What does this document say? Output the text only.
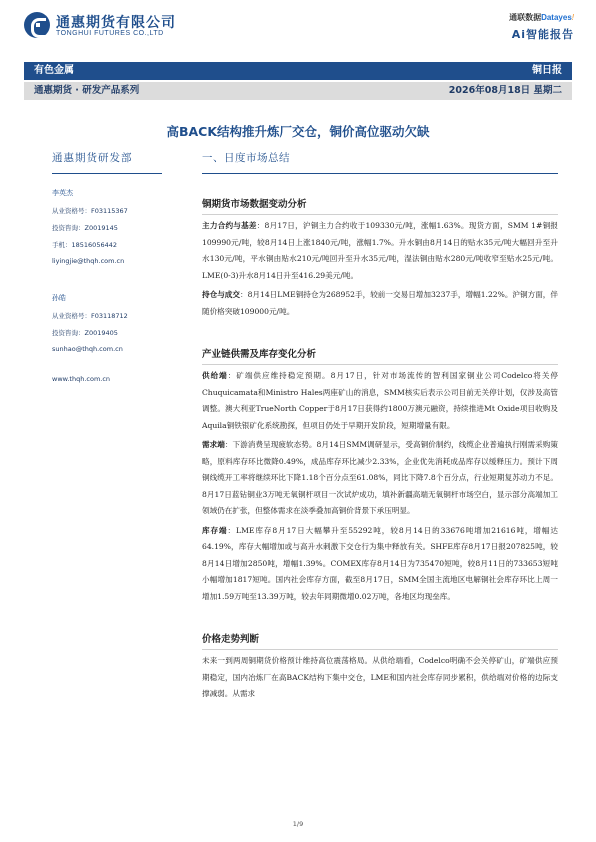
通惠期货有限公司
TONGHUI FUTURES CO.,LTD
通联数据Datayes!
Ai智能报告
有色金属	铜日报
通惠期货 · 研发产品系列	2026年08月18日 星期二
高BACK结构推升炼厂交仓，铜价高位驱动欠缺
通惠期货研发部
李英杰
从业资格号：F03115367
投资咨询：Z0019145
手机：18516056442
liyingjie@thqh.com.cn
孙皓
从业资格号：F03118712
投资咨询：Z0019405
sunhao@thqh.com.cn
www.thqh.com.cn
一、日度市场总结
铜期货市场数据变动分析

主力合约与基差：8月17日，沪铜主力合约收于109330元/吨，涨幅1.63%。现货方面，SMM 1#铜报109990元/吨，较8月14日上涨1840元/吨，涨幅1.7%。升水铜由8月14日的贴水35元/吨大幅回升至升水130元/吨，平水铜由贴水210元/吨回升至升水35元/吨，湿法铜由贴水280元/吨收窄至贴水25元/吨。LME(0-3)升水8月14日升至416.29美元/吨。

持仓与成交：8月14日LME铜持仓为268952手，较前一交易日增加3237手，增幅1.22%。沪铜方面，伴随价格突破109000元/吨。

产业链供需及库存变化分析

供给端：矿端供应维持稳定预期。8月17日，针对市场流传的智利国家铜业公司Codelco将关停Chuquicamata和Ministro Hales两座矿山的消息，SMM核实后表示公司目前无关停计划，仅涉及高管调整。澳大利亚TrueNorth Copper于8月17日获得约1800万澳元融资，持续推进Mt Oxide项目收购及Aquila铜铁银矿化系统勘探，但项目仍处于早期开发阶段，短期增量有限。

需求端：下游消费呈现疲软态势。8月14日SMM调研显示，受高铜价制约，线缆企业普遍执行刚需采购策略，原料库存环比微降0.49%，成品库存环比减少2.33%，企业优先消耗成品库存以缓释压力。预计下周铜线缆开工率将继续环比下降1.18个百分点至61.08%，同比下降7.8个百分点，行业短期复苏动力不足。8月17日蓝钻铜业3万吨无氧铜杆项目一次试炉成功，填补新疆高端无氧铜杆市场空白，显示部分高端加工领域仍在扩张，但整体需求在淡季叠加高铜价背景下承压明显。

库存端：LME库存8月17日大幅攀升至55292吨，较8月14日的33676吨增加21616吨，增幅达64.19%，库存大幅增加或与高升水刺激下交仓行为集中释放有关。SHFE库存8月17日报207825吨，较8月14日增加2850吨，增幅1.39%。COMEX库存8月14日为735470短吨，较8月11日的733653短吨小幅增加1817短吨。国内社会库存方面，截至8月17日，SMM全国主流地区电解铜社会库存环比上周一增加1.59万吨至13.39万吨，较去年同期微增0.02万吨，各地区均现垒库。

价格走势判断

未来一到两周铜期货价格预计维持高位震荡格局。从供给端看，Codelco明确不会关停矿山，矿端供应预期稳定，国内冶炼厂在高BACK结构下集中交仓，LME和国内社会库存同步累积，供给端对价格的边际支撑减弱。从需求

1/9
